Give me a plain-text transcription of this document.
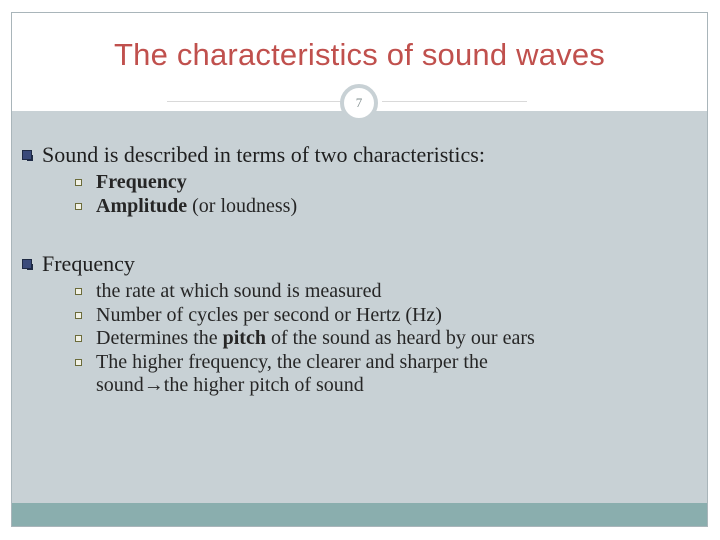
The characteristics of sound waves
7
Sound is described in terms of two characteristics:
Frequency
Amplitude (or loudness)
Frequency
the rate at which sound is measured
Number of cycles per second or Hertz (Hz)
Determines the pitch of the sound as heard by our ears
The higher frequency, the clearer and sharper the
sound→the higher pitch of sound
